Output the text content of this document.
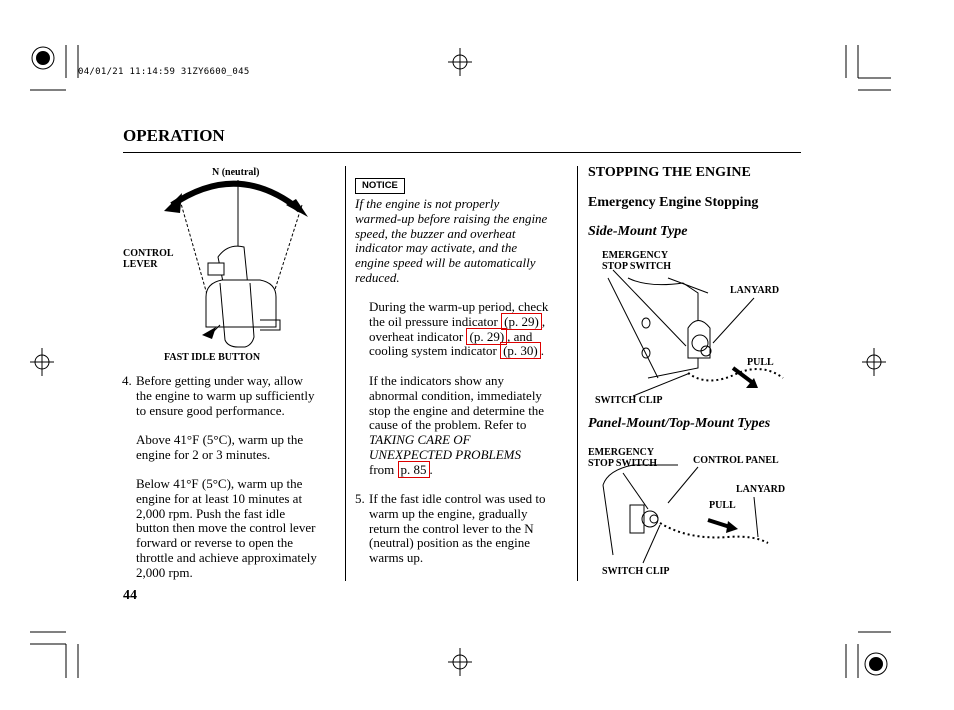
04/01/21 11:14:59 31ZY6600_045
OPERATION
44
N (neutral)
CONTROL
LEVER
FAST IDLE BUTTON
4. Before getting under way, allow
the engine to warm up sufficiently
to ensure good performance.
Above 41°F (5°C), warm up the
engine for 2 or 3 minutes.
Below 41°F (5°C), warm up the
engine for at least 10 minutes at
2,000 rpm. Push the fast idle
button then move the control lever
forward or reverse to open the
throttle and achieve approximately
2,000 rpm.
NOTICE
If the engine is not properly
warmed-up before raising the engine
speed, the buzzer and overheat
indicator may activate, and the
engine speed will be automatically
reduced.
During the warm-up period, check
the oil pressure indicator (p. 29) ,
overheat indicator (p. 29) , and
cooling system indicator (p. 30) .
If the indicators show any
abnormal condition, immediately
stop the engine and determine the
cause of the problem. Refer to
TAKING CARE OF
UNEXPECTED PROBLEMS
from p. 85 .
5. If the fast idle control was used to
warm up the engine, gradually
return the control lever to the N
(neutral) position as the engine
warms up.
STOPPING THE ENGINE
Emergency Engine Stopping
Side-Mount Type
EMERGENCY
STOP SWITCH
LANYARD
PULL
SWITCH CLIP
Panel-Mount/Top-Mount Types
EMERGENCY
STOP SWITCH	CONTROL PANEL
LANYARD
PULL
SWITCH CLIP
